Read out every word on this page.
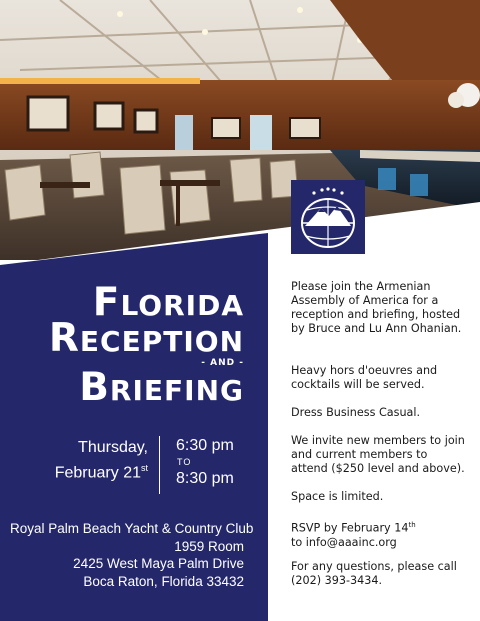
FLORIDA
RECEPTION
- AND -
BRIEFING
Thursday,
February 21st
6:30 pm
TO
8:30 pm
Royal Palm Beach Yacht & Country Club
1959 Room
2425 West Maya Palm Drive
Boca Raton, Florida 33432
Please join the Armenian Assembly of America for a reception and briefing, hosted by Bruce and Lu Ann Ohanian.
Heavy hors d'oeuvres and cocktails will be served.
Dress Business Casual.
We invite new members to join and current members to attend ($250 level and above).
Space is limited.
RSVP by February 14th
to info@aaainc.org
For any questions, please call (202) 393-3434.
